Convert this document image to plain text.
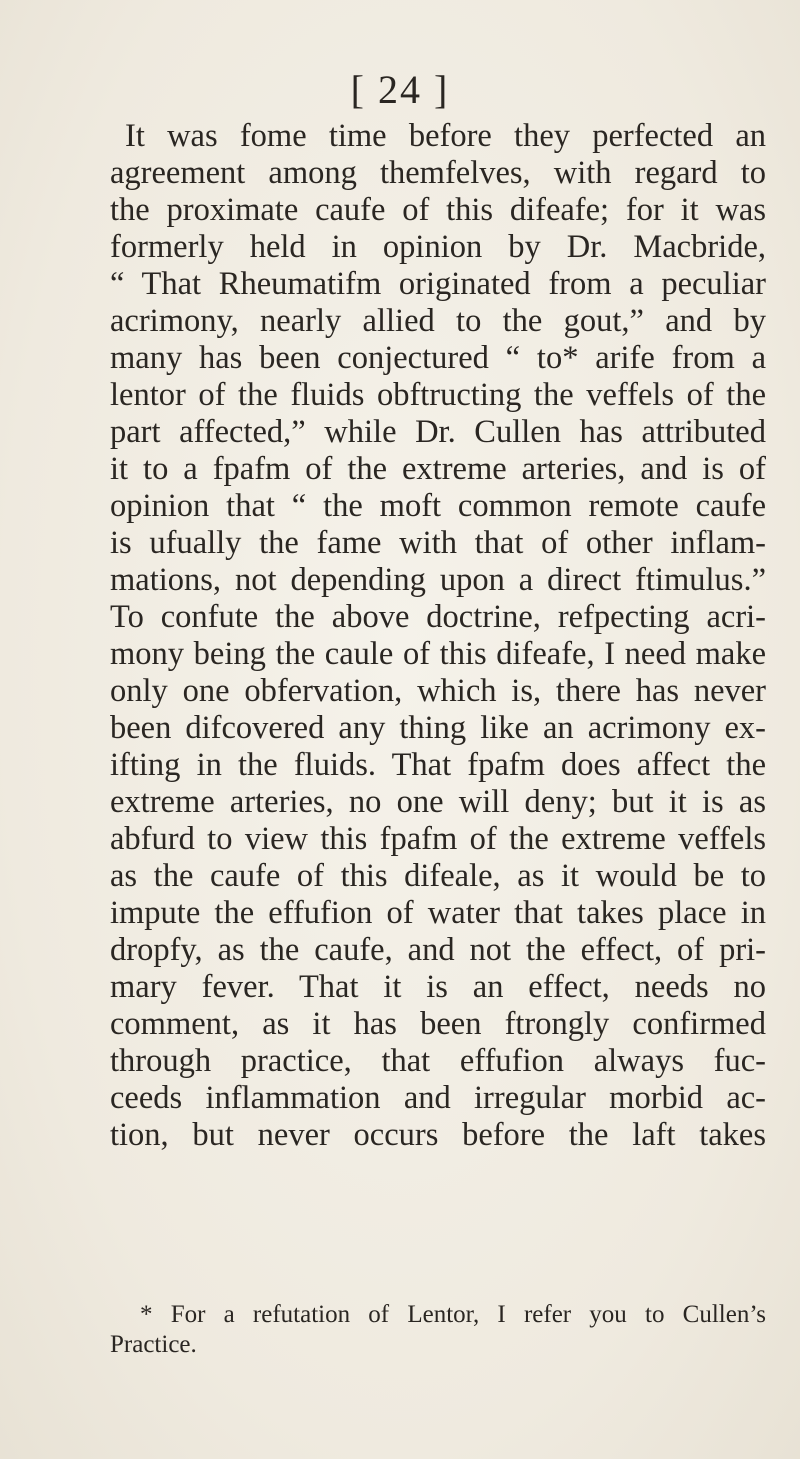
[ 24 ]
It was fome time before they perfected an
agreement among themfelves, with regard to
the proximate caufe of this difeafe; for it was
formerly held in opinion by Dr. Macbride,
“ That Rheumatifm originated from a peculiar
acrimony, nearly allied to the gout,” and by
many has been conjectured “ to* arife from a
lentor of the fluids obftructing the veffels of the
part affected,” while Dr. Cullen has attributed
it to a fpafm of the extreme arteries, and is of
opinion that “ the moft common remote caufe
is ufually the fame with that of other inflam-
mations, not depending upon a direct ftimulus.”
To confute the above doctrine, refpecting acri-
mony being the caule of this difeafe, I need make
only one obfervation, which is, there has never
been difcovered any thing like an acrimony ex-
ifting in the fluids. That fpafm does affect the
extreme arteries, no one will deny; but it is as
abfurd to view this fpafm of the extreme veffels
as the caufe of this difeale, as it would be to
impute the effufion of water that takes place in
dropfy, as the caufe, and not the effect, of pri-
mary fever. That it is an effect, needs no
comment, as it has been ftrongly confirmed
through practice, that effufion always fuc-
ceeds inflammation and irregular morbid ac-
tion, but never occurs before the laft takes
* For a refutation of Lentor, I refer you to Cullen’s
Practice.
